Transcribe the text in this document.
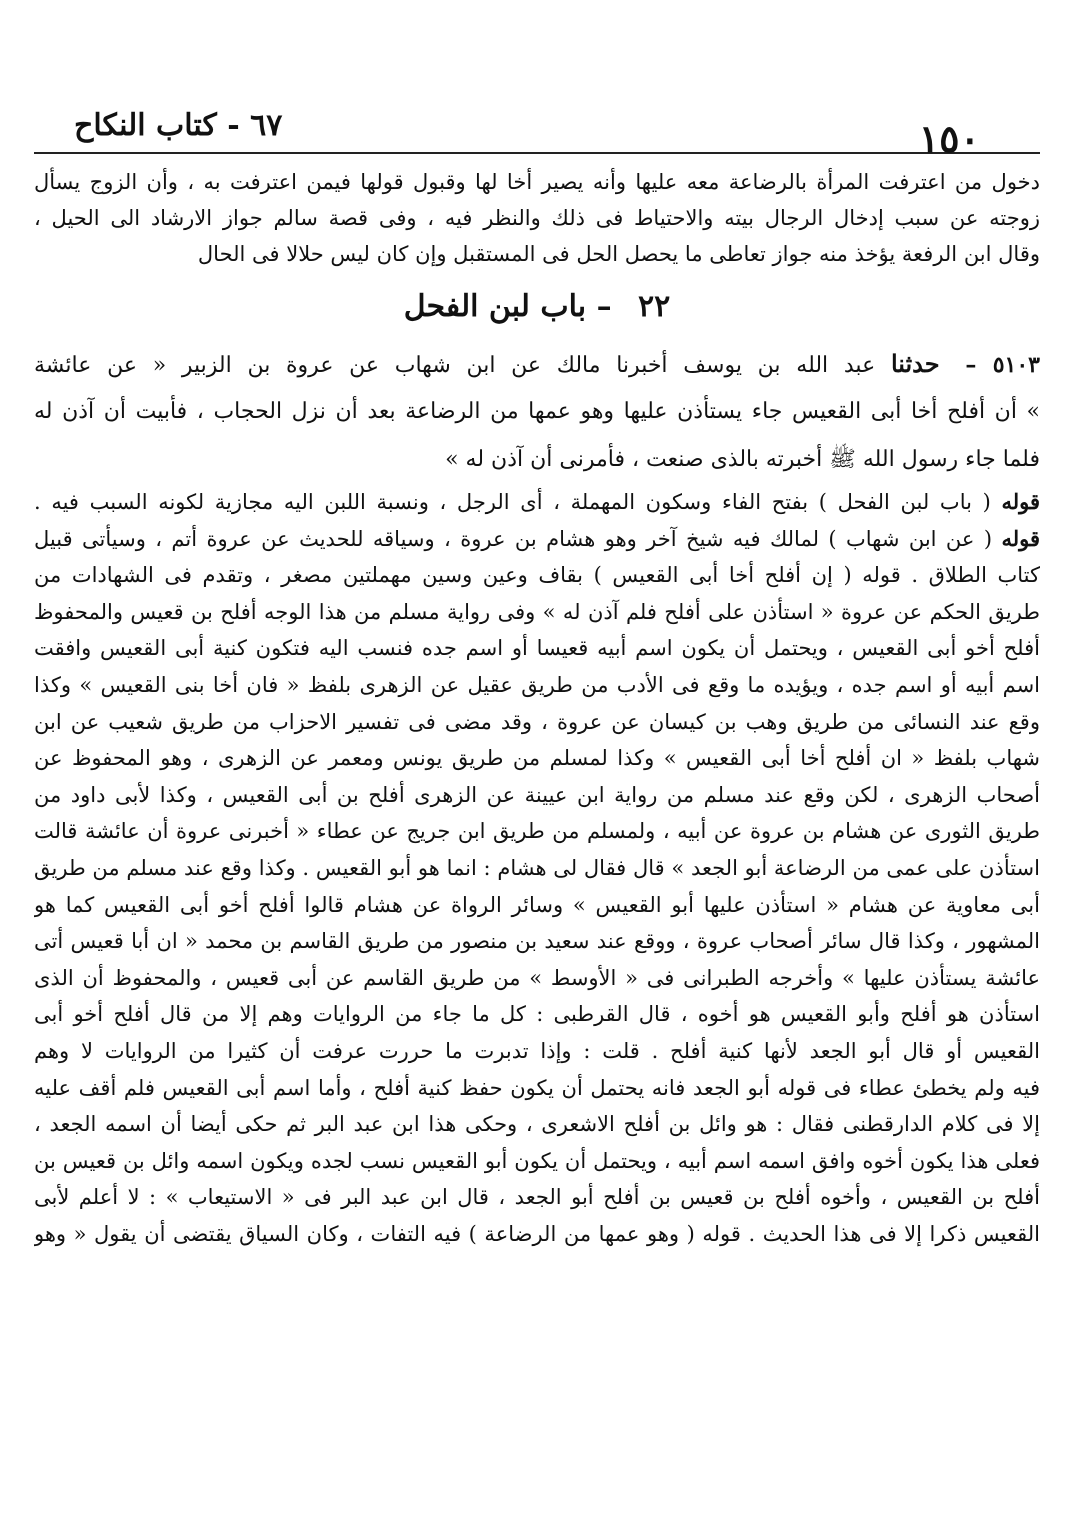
١٥٠
٦٧ - كتاب النكاح
دخول من اعترفت المرأة بالرضاعة معه عليها وأنه يصير أخا لها وقبول قولها فيمن اعترفت به ، وأن الزوج يسأل
زوجته عن سبب إدخال الرجال بيته والاحتياط فى ذلك والنظر فيه ، وفى قصة سالم جواز الارشاد الى الحيل ،
وقال ابن الرفعة يؤخذ منه جواز تعاطى ما يحصل الحل فى المستقبل وإن كان ليس حلالا فى الحال
٢٢ – باب لبن الفحل
٥١٠٣ – حدثنا عبد الله بن يوسف أخبرنا مالك عن ابن شهاب عن عروة بن الزبير « عن عائشة
» أن أفلح أخا أبى القعيس جاء يستأذن عليها وهو عمها من الرضاعة بعد أن نزل الحجاب ، فأبيت أن آذن له
فلما جاء رسول الله ﷺ أخبرته بالذى صنعت ، فأمرنى أن آذن له »
قوله ( باب لبن الفحل ) بفتح الفاء وسكون المهملة ، أى الرجل ، ونسبة اللبن اليه مجازية لكونه السبب فيه .
قوله ( عن ابن شهاب ) لمالك فيه شيخ آخر وهو هشام بن عروة ، وسياقه للحديث عن عروة أتم ، وسيأتى قبيل
كتاب الطلاق . قوله ( إن أفلح أخا أبى القعيس ) بقاف وعين وسين مهملتين مصغر ، وتقدم فى الشهادات من
طريق الحكم عن عروة « استأذن على أفلح فلم آذن له » وفى رواية مسلم من هذا الوجه أفلح بن قعيس والمحفوظ
أفلح أخو أبى القعيس ، ويحتمل أن يكون اسم أبيه قعيسا أو اسم جده فنسب اليه فتكون كنية أبى القعيس وافقت
اسم أبيه أو اسم جده ، ويؤيده ما وقع فى الأدب من طريق عقيل عن الزهرى بلفظ « فان أخا بنى القعيس » وكذا
وقع عند النسائى من طريق وهب بن كيسان عن عروة ، وقد مضى فى تفسير الاحزاب من طريق شعيب عن ابن
شهاب بلفظ « ان أفلح أخا أبى القعيس » وكذا لمسلم من طريق يونس ومعمر عن الزهرى ، وهو المحفوظ عن
أصحاب الزهرى ، لكن وقع عند مسلم من رواية ابن عيينة عن الزهرى أفلح بن أبى القعيس ، وكذا لأبى داود من
طريق الثورى عن هشام بن عروة عن أبيه ، ولمسلم من طريق ابن جريج عن عطاء « أخبرنى عروة أن عائشة قالت
استأذن على عمى من الرضاعة أبو الجعد » قال فقال لى هشام : انما هو أبو القعيس . وكذا وقع عند مسلم من طريق
أبى معاوية عن هشام « استأذن عليها أبو القعيس » وسائر الرواة عن هشام قالوا أفلح أخو أبى القعيس كما هو
المشهور ، وكذا قال سائر أصحاب عروة ، ووقع عند سعيد بن منصور من طريق القاسم بن محمد « ان أبا قعيس أتى
عائشة يستأذن عليها » وأخرجه الطبرانى فى « الأوسط » من طريق القاسم عن أبى قعيس ، والمحفوظ أن الذى
استأذن هو أفلح وأبو القعيس هو أخوه ، قال القرطبى : كل ما جاء من الروايات وهم إلا من قال أفلح أخو أبى
القعيس أو قال أبو الجعد لأنها كنية أفلح . قلت : وإذا تدبرت ما حررت عرفت أن كثيرا من الروايات لا وهم
فيه ولم يخطئ عطاء فى قوله أبو الجعد فانه يحتمل أن يكون حفظ كنية أفلح ، وأما اسم أبى القعيس فلم أقف عليه
إلا فى كلام الدارقطنى فقال : هو وائل بن أفلح الاشعرى ، وحكى هذا ابن عبد البر ثم حكى أيضا أن اسمه الجعد ،
فعلى هذا يكون أخوه وافق اسمه اسم أبيه ، ويحتمل أن يكون أبو القعيس نسب لجده ويكون اسمه وائل بن قعيس بن
أفلح بن القعيس ، وأخوه أفلح بن قعيس بن أفلح أبو الجعد ، قال ابن عبد البر فى « الاستيعاب » : لا أعلم لأبى
القعيس ذكرا إلا فى هذا الحديث . قوله ( وهو عمها من الرضاعة ) فيه التفات ، وكان السياق يقتضى أن يقول « وهو
